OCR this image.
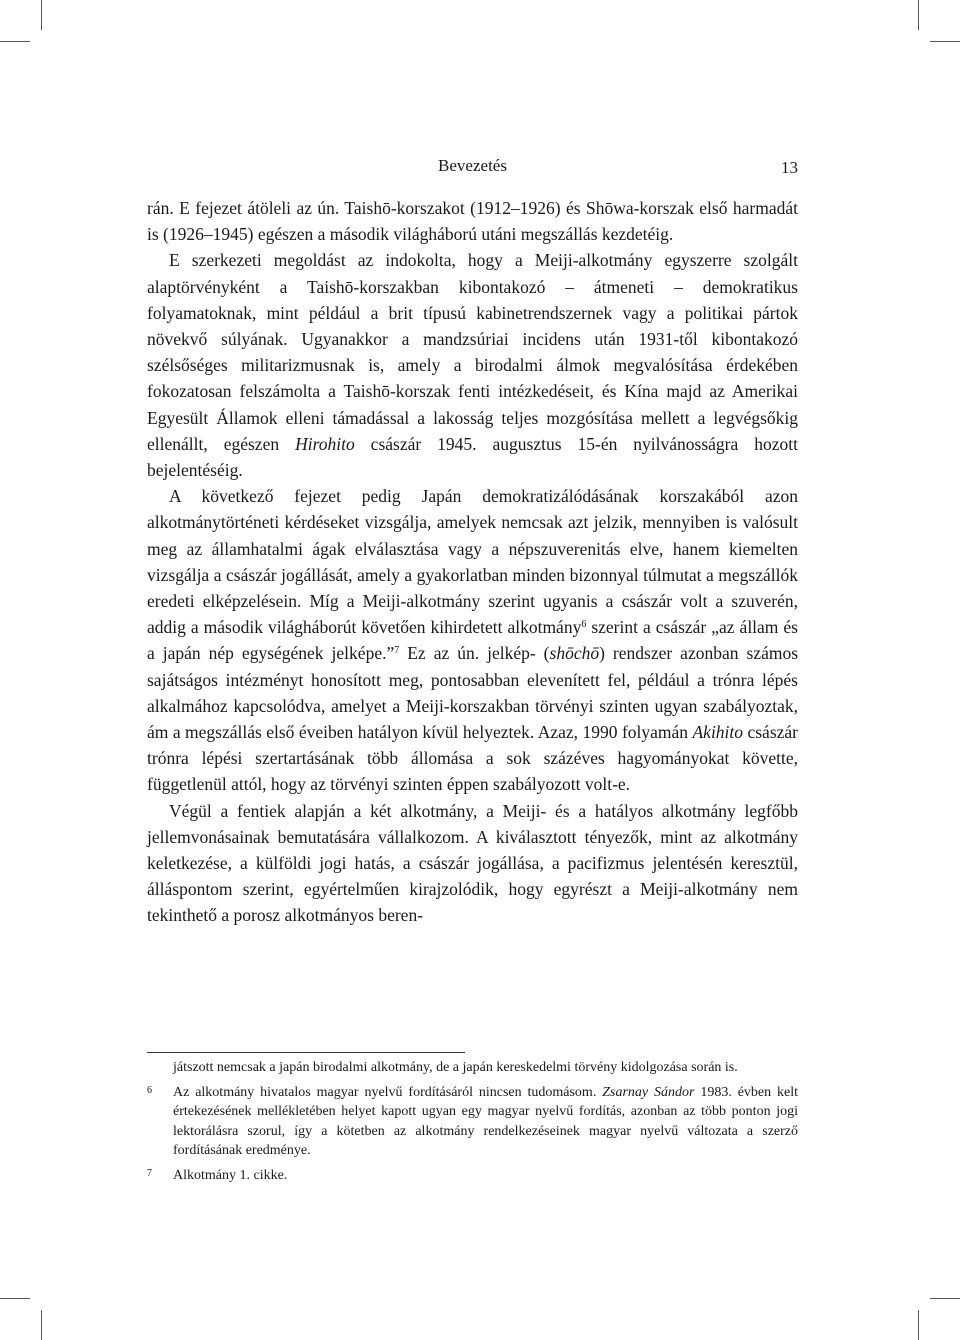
Bevezetés	13

rán. E fejezet átöleli az ún. Taishō-korszakot (1912–1926) és Shōwa-korszak első harmadát is (1926–1945) egészen a második világháború utáni megszállás kezdetéig.

E szerkezeti megoldást az indokolta, hogy a Meiji-alkotmány egyszerre szolgált alaptörvényként a Taishō-korszakban kibontakozó – átmeneti – demokratikus folyamatoknak, mint például a brit típusú kabinetrendszernek vagy a politikai pártok növekvő súlyának. Ugyanakkor a mandzsúriai incidens után 1931-től kibontakozó szélsőséges militarizmusnak is, amely a birodalmi álmok megvalósítása érdekében fokozatosan felszámolta a Taishō-korszak fenti intézkedéseit, és Kína majd az Amerikai Egyesült Államok elleni támadással a lakosság teljes mozgósítása mellett a legvégsőkig ellenállt, egészen Hirohito császár 1945. augusztus 15-én nyilvánosságra hozott bejelentéséig.

A következő fejezet pedig Japán demokratizálódásának korszakából azon alkotmánytörténeti kérdéseket vizsgálja, amelyek nemcsak azt jelzik, mennyiben is valósult meg az államhatalmi ágak elválasztása vagy a népszuverenitás elve, hanem kiemelten vizsgálja a császár jogállását, amely a gyakorlatban minden bizonnyal túlmutat a megszállók eredeti elképzelésein. Míg a Meiji-alkotmány szerint ugyanis a császár volt a szuverén, addig a második világháborút követően kihirdetett alkotmány$^6$ szerint a császár „az állam és a japán nép egységének jelképe.”$^7$ Ez az ún. jelkép- (shōchō) rendszer azonban számos sajátságos intézményt honosított meg, pontosabban elevenített fel, például a trónra lépés alkalmához kapcsolódva, amelyet a Meiji-korszakban törvényi szinten ugyan szabályoztak, ám a megszállás első éveiben hatályon kívül helyeztek. Azaz, 1990 folyamán Akihito császár trónra lépési szertartásának több állomása a sok százéves hagyományokat követte, függetlenül attól, hogy az törvényi szinten éppen szabályozott volt-e.

Végül a fentiek alapján a két alkotmány, a Meiji- és a hatályos alkotmány legfőbb jellemvonásainak bemutatására vállalkozom. A kiválasztott tényezők, mint az alkotmány keletkezése, a külföldi jogi hatás, a császár jogállása, a pacifizmus jelentésén keresztül, álláspontom szerint, egyértelműen kirajzolódik, hogy egyrészt a Meiji-alkotmány nem tekinthető a porosz alkotmányos beren-

játszott nemcsak a japán birodalmi alkotmány, de a japán kereskedelmi törvény kidolgozása során is.
6 Az alkotmány hivatalos magyar nyelvű fordításáról nincsen tudomásom. Zsarnay Sándor 1983. évben kelt értekezésének mellékletében helyet kapott ugyan egy magyar nyelvű fordítás, azonban az több ponton jogi lektorálásra szorul, így a kötetben az alkotmány rendelkezéseinek magyar nyelvű változata a szerző fordításának eredménye.
7 Alkotmány 1. cikke.
